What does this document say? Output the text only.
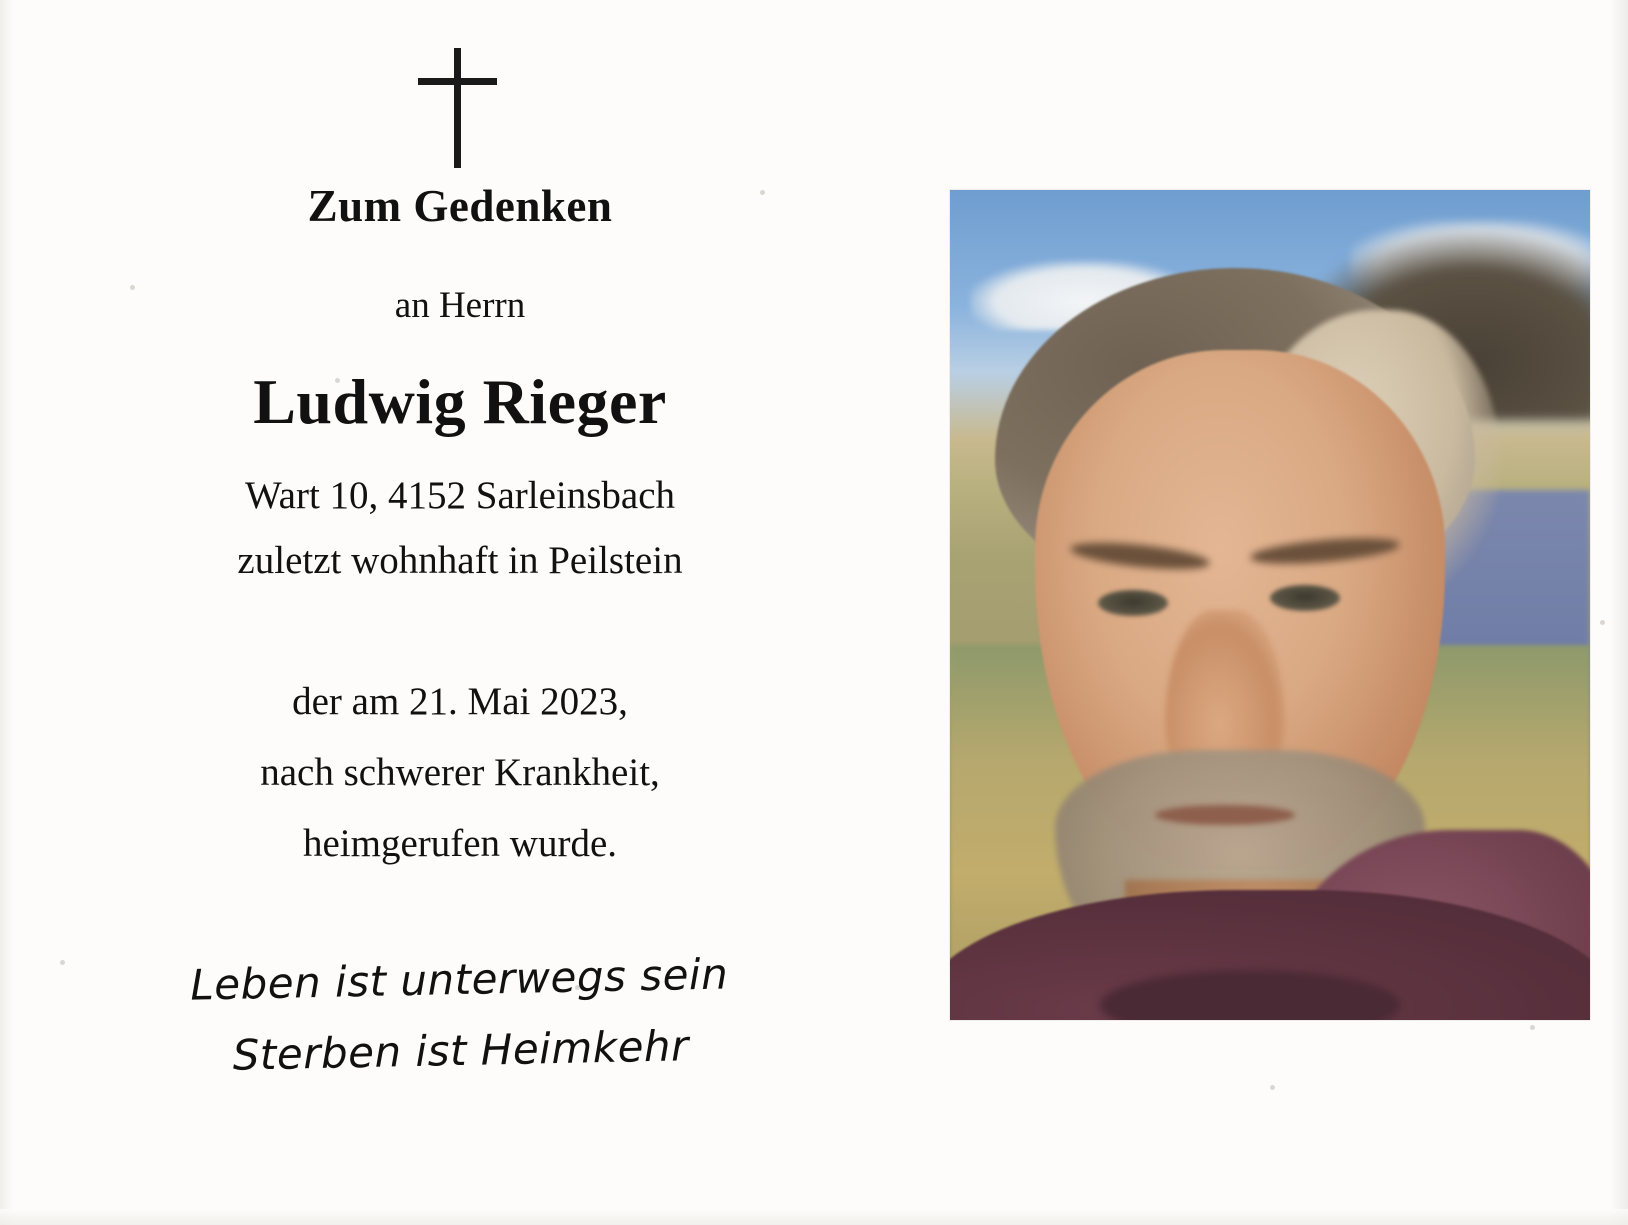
Zum Gedenken

an Herrn

Ludwig Rieger

Wart 10, 4152 Sarleinsbach

zuletzt wohnhaft in Peilstein

der am 21. Mai 2023,

nach schwerer Krankheit,

heimgerufen wurde.

Leben ist unterwegs sein
Sterben ist Heimkehr
